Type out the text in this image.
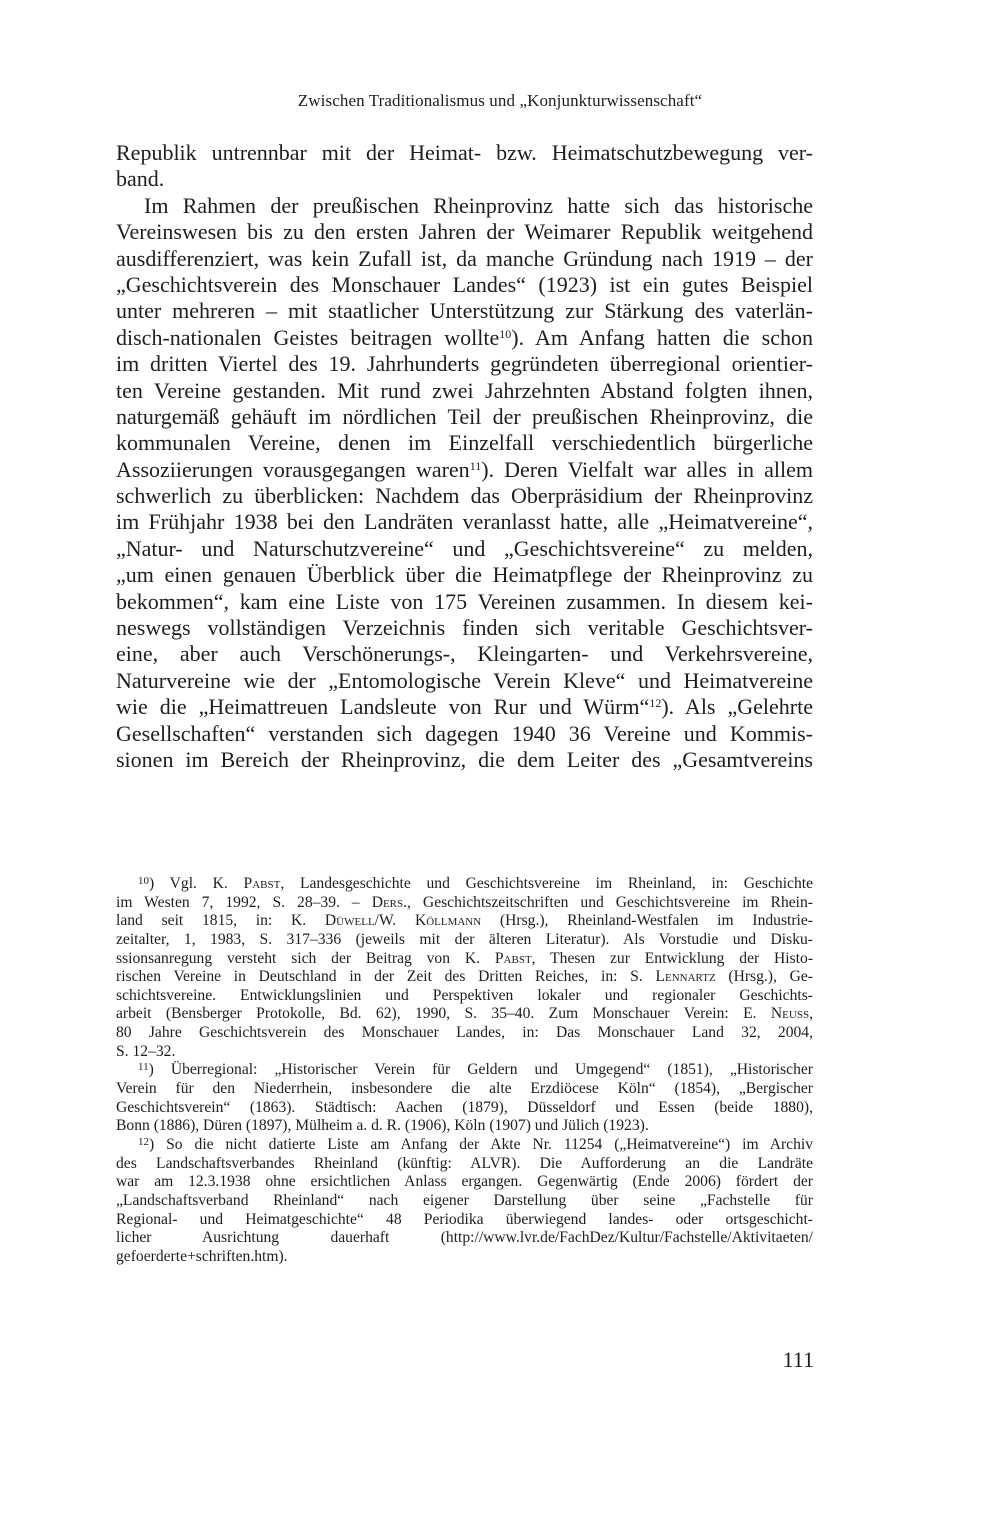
Zwischen Traditionalismus und „Konjunkturwissenschaft“
Republik untrennbar mit der Heimat- bzw. Heimatschutzbewegung ver-
band.
Im Rahmen der preußischen Rheinprovinz hatte sich das historische
Vereinswesen bis zu den ersten Jahren der Weimarer Republik weitgehend
ausdifferenziert, was kein Zufall ist, da manche Gründung nach 1919 – der
„Geschichtsverein des Monschauer Landes“ (1923) ist ein gutes Beispiel
unter mehreren – mit staatlicher Unterstützung zur Stärkung des vaterlän-
disch-nationalen Geistes beitragen wollte$^{10}$). Am Anfang hatten die schon
im dritten Viertel des 19. Jahrhunderts gegründeten überregional orientier-
ten Vereine gestanden. Mit rund zwei Jahrzehnten Abstand folgten ihnen,
naturgemäß gehäuft im nördlichen Teil der preußischen Rheinprovinz, die
kommunalen Vereine, denen im Einzelfall verschiedentlich bürgerliche
Assoziierungen vorausgegangen waren$^{11}$). Deren Vielfalt war alles in allem
schwerlich zu überblicken: Nachdem das Oberpräsidium der Rheinprovinz
im Frühjahr 1938 bei den Landräten veranlasst hatte, alle „Heimatvereine“,
„Natur- und Naturschutzvereine“ und „Geschichtsvereine“ zu melden,
„um einen genauen Überblick über die Heimatpflege der Rheinprovinz zu
bekommen“, kam eine Liste von 175 Vereinen zusammen. In diesem kei-
neswegs vollständigen Verzeichnis finden sich veritable Geschichtsver-
eine, aber auch Verschönerungs-, Kleingarten- und Verkehrsvereine,
Naturvereine wie der „Entomologische Verein Kleve“ und Heimatvereine
wie die „Heimattreuen Landsleute von Rur und Würm“$^{12}$). Als „Gelehrte
Gesellschaften“ verstanden sich dagegen 1940 36 Vereine und Kommis-
sionen im Bereich der Rheinprovinz, die dem Leiter des „Gesamtvereins
$^{10}$) Vgl. K. Pabst, Landesgeschichte und Geschichtsvereine im Rheinland, in: Geschichte
im Westen 7, 1992, S. 28–39. – Ders., Geschichtszeitschriften und Geschichtsvereine im Rhein-
land seit 1815, in: K. Düwell/W. Köllmann (Hrsg.), Rheinland-Westfalen im Industrie-
zeitalter, 1, 1983, S. 317–336 (jeweils mit der älteren Literatur). Als Vorstudie und Disku-
ssionsanregung versteht sich der Beitrag von K. Pabst, Thesen zur Entwicklung der Histo-
rischen Vereine in Deutschland in der Zeit des Dritten Reiches, in: S. Lennartz (Hrsg.), Ge-
schichtsvereine. Entwicklungslinien und Perspektiven lokaler und regionaler Geschichts-
arbeit (Bensberger Protokolle, Bd. 62), 1990, S. 35–40. Zum Monschauer Verein: E. Neuss,
80 Jahre Geschichtsverein des Monschauer Landes, in: Das Monschauer Land 32, 2004,
S. 12–32.
$^{11}$) Überregional: „Historischer Verein für Geldern und Umgegend“ (1851), „Historischer
Verein für den Niederrhein, insbesondere die alte Erzdiöcese Köln“ (1854), „Bergischer
Geschichtsverein“ (1863). Städtisch: Aachen (1879), Düsseldorf und Essen (beide 1880),
Bonn (1886), Düren (1897), Mülheim a. d. R. (1906), Köln (1907) und Jülich (1923).
$^{12}$) So die nicht datierte Liste am Anfang der Akte Nr. 11254 („Heimatvereine“) im Archiv
des Landschaftsverbandes Rheinland (künftig: ALVR). Die Aufforderung an die Landräte
war am 12.3.1938 ohne ersichtlichen Anlass ergangen. Gegenwärtig (Ende 2006) fördert der
„Landschaftsverband Rheinland“ nach eigener Darstellung über seine „Fachstelle für
Regional- und Heimatgeschichte“ 48 Periodika überwiegend landes- oder ortsgeschicht-
licher Ausrichtung dauerhaft (http://www.lvr.de/FachDez/Kultur/Fachstelle/Aktivitaeten/
gefoerderte+schriften.htm).
111
